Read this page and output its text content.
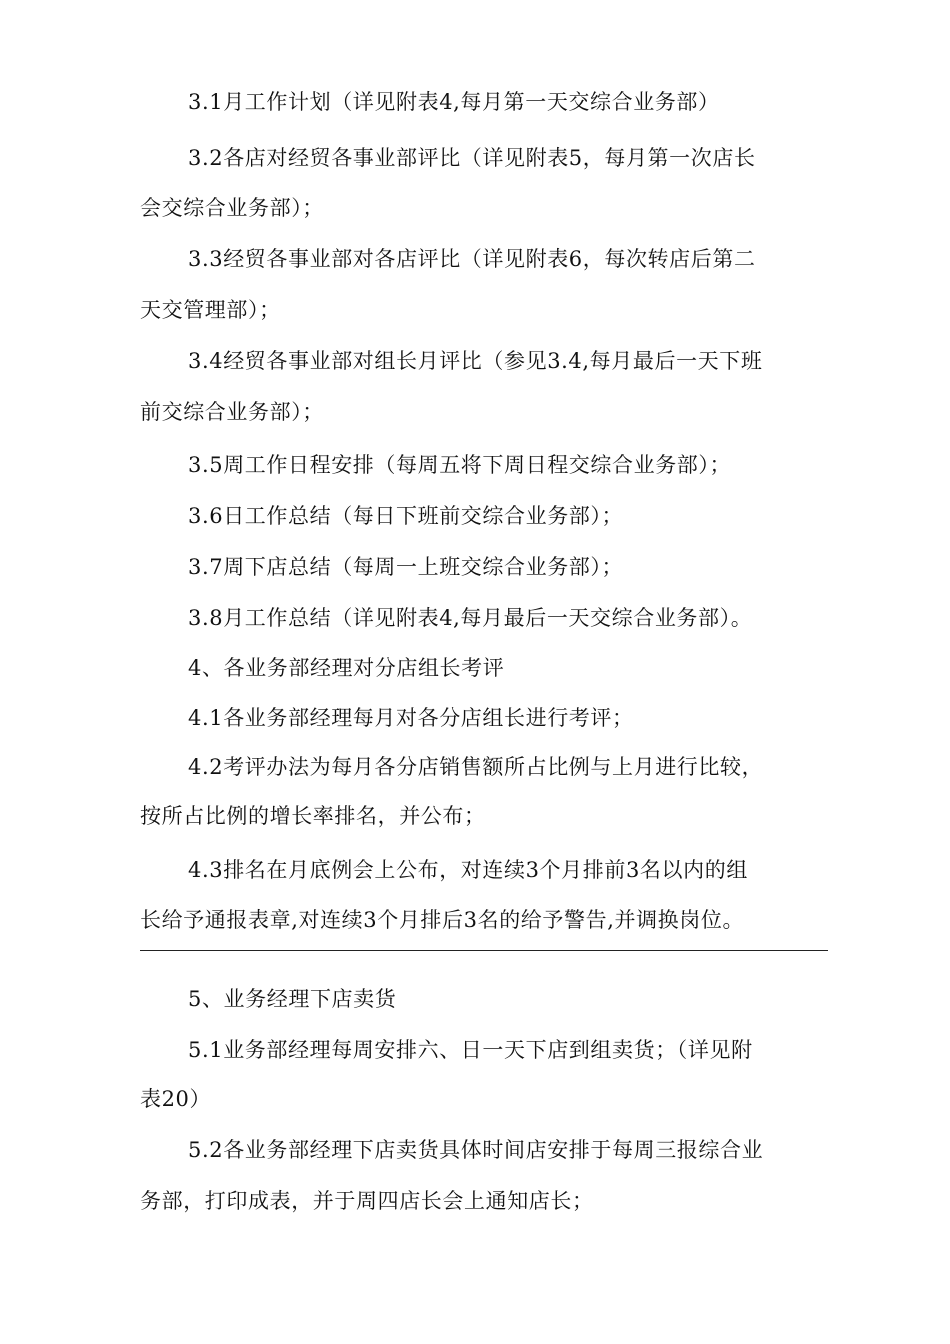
3.1月工作计划（详见附表4,每月第一天交综合业务部）
3.2各店对经贸各事业部评比（详见附表5，每月第一次店长
会交综合业务部）；
3.3经贸各事业部对各店评比（详见附表6，每次转店后第二
天交管理部）；
3.4经贸各事业部对组长月评比（参见3.4,每月最后一天下班
前交综合业务部）；
3.5周工作日程安排（每周五将下周日程交综合业务部）；
3.6日工作总结（每日下班前交综合业务部）；
3.7周下店总结（每周一上班交综合业务部）；
3.8月工作总结（详见附表4,每月最后一天交综合业务部）。
4、各业务部经理对分店组长考评
4.1各业务部经理每月对各分店组长进行考评；
4.2考评办法为每月各分店销售额所占比例与上月进行比较，
按所占比例的增长率排名，并公布；
4.3排名在月底例会上公布，对连续3个月排前3名以内的组
长给予通报表章,对连续3个月排后3名的给予警告,并调换岗位。
5、业务经理下店卖货
5.1业务部经理每周安排六、日一天下店到组卖货；（详见附
表20）
5.2各业务部经理下店卖货具体时间店安排于每周三报综合业
务部，打印成表，并于周四店长会上通知店长；
